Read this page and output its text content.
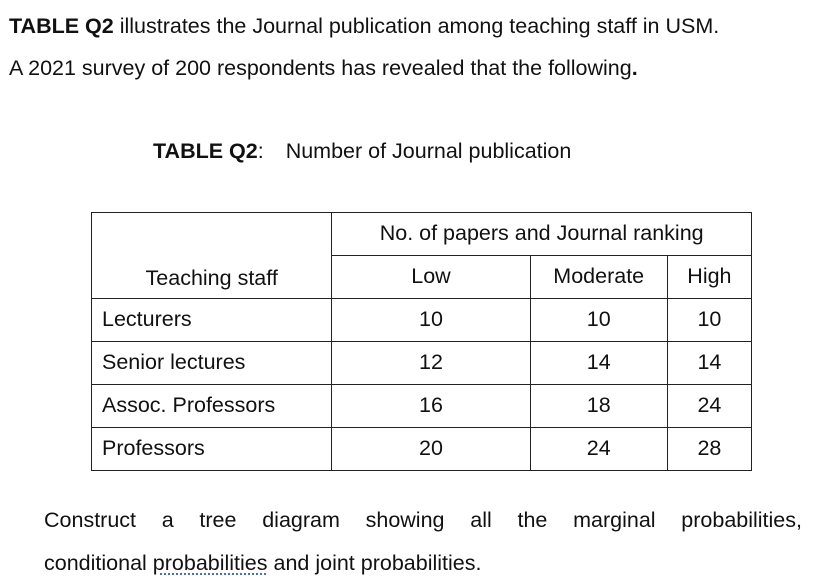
TABLE Q2 illustrates the Journal publication among teaching staff in USM.
A 2021 survey of 200 respondents has revealed that the following.
TABLE Q2: Number of Journal publication
Teaching staff	No. of papers and Journal ranking		
	Low	Moderate	High
Lecturers	10	10	10
Senior lectures	12	14	14
Assoc. Professors	16	18	24
Professors	20	24	28
Construct a tree diagram showing all the marginal probabilities,
conditional probabilities and joint probabilities.
